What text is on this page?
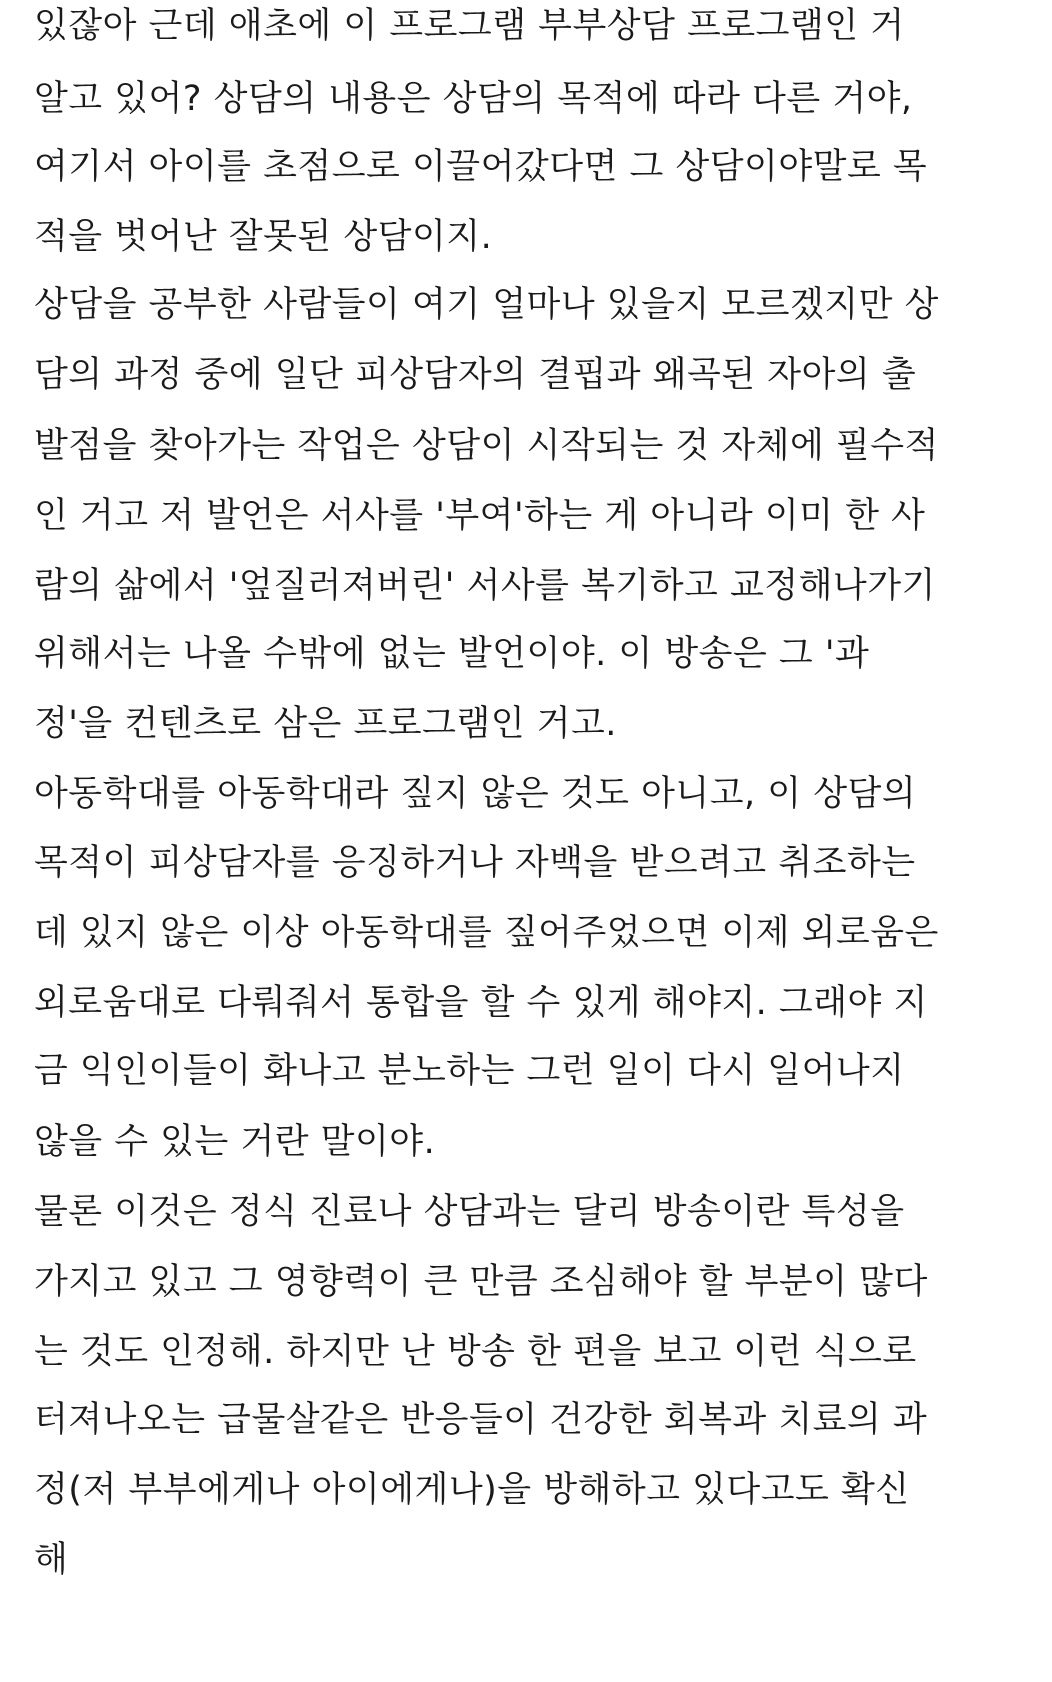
있잖아 근데 애초에 이 프로그램 부부상담 프로그램인 거
알고 있어? 상담의 내용은 상담의 목적에 따라 다른 거야,
여기서 아이를 초점으로 이끌어갔다면 그 상담이야말로 목
적을 벗어난 잘못된 상담이지.
상담을 공부한 사람들이 여기 얼마나 있을지 모르겠지만 상
담의 과정 중에 일단 피상담자의 결핍과 왜곡된 자아의 출
발점을 찾아가는 작업은 상담이 시작되는 것 자체에 필수적
인 거고 저 발언은 서사를 '부여'하는 게 아니라 이미 한 사
람의 삶에서 '엎질러져버린' 서사를 복기하고 교정해나가기
위해서는 나올 수밖에 없는 발언이야. 이 방송은 그 '과
정'을 컨텐츠로 삼은 프로그램인 거고.
아동학대를 아동학대라 짚지 않은 것도 아니고, 이 상담의
목적이 피상담자를 응징하거나 자백을 받으려고 취조하는
데 있지 않은 이상 아동학대를 짚어주었으면 이제 외로움은
외로움대로 다뤄줘서 통합을 할 수 있게 해야지. 그래야 지
금 익인이들이 화나고 분노하는 그런 일이 다시 일어나지
않을 수 있는 거란 말이야.
물론 이것은 정식 진료나 상담과는 달리 방송이란 특성을
가지고 있고 그 영향력이 큰 만큼 조심해야 할 부분이 많다
는 것도 인정해. 하지만 난 방송 한 편을 보고 이런 식으로
터져나오는 급물살같은 반응들이 건강한 회복과 치료의 과
정(저 부부에게나 아이에게나)을 방해하고 있다고도 확신
해
